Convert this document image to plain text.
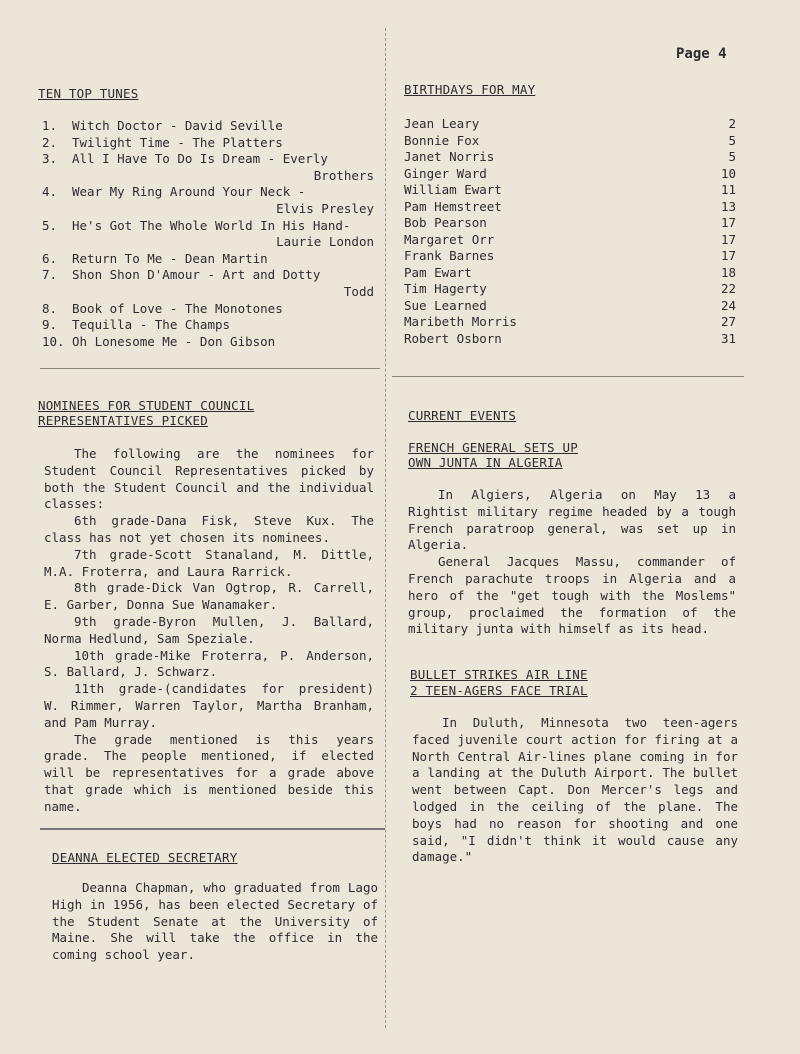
Page 4
TEN TOP TUNES
1.	Witch Doctor - David Seville
2.	Twilight Time - The Platters
3.	All I Have To Do Is Dream - Everly
Brothers
4.	Wear My Ring Around Your Neck -
Elvis Presley
5.	He's Got The Whole World In His Hand-
Laurie London
6.	Return To Me - Dean Martin
7.	Shon Shon D'Amour - Art and Dotty
Todd
8.	Book of Love - The Monotones
9.	Tequilla - The Champs
10. Oh Lonesome Me - Don Gibson
NOMINEES FOR STUDENT COUNCIL
REPRESENTATIVES PICKED

The following are the nominees for Student Council Representatives picked by both the Student Council and the individual classes:

6th grade-Dana Fisk, Steve Kux. The class has not yet chosen its nominees.

7th grade-Scott Stanaland, M. Dittle, M.A. Froterra, and Laura Rarrick.

8th grade-Dick Van Ogtrop, R. Carrell, E. Garber, Donna Sue Wanamaker.

9th grade-Byron Mullen, J. Ballard, Norma Hedlund, Sam Speziale.

10th grade-Mike Froterra, P. Anderson, S. Ballard, J. Schwarz.

11th grade-(candidates for president) W. Rimmer, Warren Taylor, Martha Branham, and Pam Murray.

The grade mentioned is this years grade. The people mentioned, if elected will be representatives for a grade above that grade which is mentioned beside this name.

DEANNA ELECTED SECRETARY

Deanna Chapman, who graduated from Lago High in 1956, has been elected Secretary of the Student Senate at the University of Maine. She will take the office in the coming school year.

BIRTHDAYS FOR MAY
Jean Leary	2
Bonnie Fox	5
Janet Norris	5
Ginger Ward	10
William Ewart	11
Pam Hemstreet	13
Bob Pearson	17
Margaret Orr	17
Frank Barnes	17
Pam Ewart	18
Tim Hagerty	22
Sue Learned	24
Maribeth Morris	27
Robert Osborn	31
CURRENT EVENTS
FRENCH GENERAL SETS UP
OWN JUNTA IN ALGERIA

In Algiers, Algeria on May 13 a Rightist military regime headed by a tough French paratroop general, was set up in Algeria.

General Jacques Massu, commander of French parachute troops in Algeria and a hero of the "get tough with the Moslems" group, proclaimed the formation of the military junta with himself as its head.

BULLET STRIKES AIR LINE
2 TEEN-AGERS FACE TRIAL

In Duluth, Minnesota two teen-agers faced juvenile court action for firing at a North Central Air-lines plane coming in for a landing at the Duluth Airport. The bullet went between Capt. Don Mercer's legs and lodged in the ceiling of the plane. The boys had no reason for shooting and one said, "I didn't think it would cause any damage."
